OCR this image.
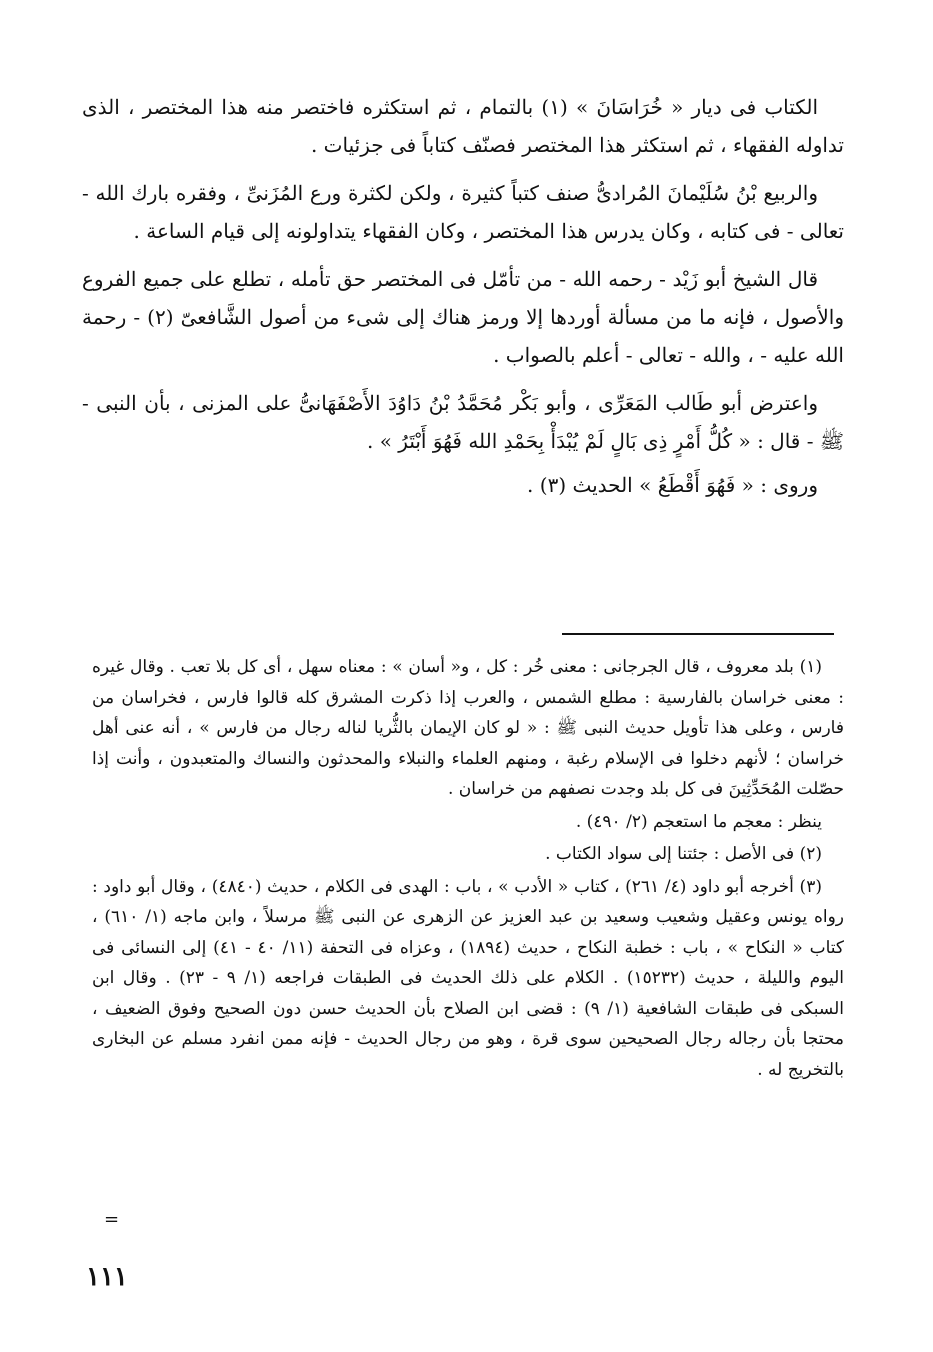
الكتاب فى ديار « خُرَاسَانَ » (١) بالتمام ، ثم استكثره فاختصر منه هذا المختصر ، الذى تداوله الفقهاء ، ثم استكثر هذا المختصر فصنّف كتاباً فى جزئيات .

والربيع بْنُ سُلَيْمانَ المُرادىُّ صنف كتباً كثيرة ، ولكن لكثرة ورع المُزَنىِّ ، وفقره بارك الله - تعالى - فى كتابه ، وكان يدرس هذا المختصر ، وكان الفقهاء يتداولونه إلى قيام الساعة .

قال الشيخ أبو زَيْد - رحمه الله - من تأمّل فى المختصر حق تأمله ، تطلع على جميع الفروع والأصول ، فإنه ما من مسألة أوردها إلا ورمز هناك إلى شىء من أصول الشَّافعىّ (٢) - رحمة الله عليه - ، والله - تعالى - أعلم بالصواب .

واعترض أبو طَالب المَعَرِّى ، وأبو بَكْر مُحَمَّدُ بْنُ دَاوُدَ الأَصْفَهَانىُّ على المزنى ، بأن النبى - ﷺ - قال : « كُلُّ أَمْرٍ ذِى بَالٍ لَمْ يُبْدَأْ بِحَمْدِ الله فَهُوَ أَبْتَرُ » .

وروى : « فَهُوَ أَقْطَعُ » الحديث (٣) .

(١) بلد معروف ، قال الجرجانى : معنى خُر : كل ، و« أسان » : معناه سهل ، أى كل بلا تعب . وقال غيره : معنى خراسان بالفارسية : مطلع الشمس ، والعرب إذا ذكرت المشرق كله قالوا فارس ، فخراسان من فارس ، وعلى هذا تأويل حديث النبى ﷺ : « لو كان الإيمان بالثُّريا لناله رجال من فارس » ، أنه عنى أهل خراسان ؛ لأنهم دخلوا فى الإسلام رغبة ، ومنهم العلماء والنبلاء والمحدثون والنساك والمتعبدون ، وأنت إذا حصّلت المُحَدِّثِينَ فى كل بلد وجدت نصفهم من خراسان .

ينظر : معجم ما استعجم (٢/ ٤٩٠) .

(٢) فى الأصل : جئتنا إلى سواد الكتاب .

(٣) أخرجه أبو داود (٤/ ٢٦١) ، كتاب « الأدب » ، باب : الهدى فى الكلام ، حديث (٤٨٤٠) ، وقال أبو داود : رواه يونس وعقيل وشعيب وسعيد بن عبد العزيز عن الزهرى عن النبى ﷺ مرسلاً ، وابن ماجه (١/ ٦١٠) ، كتاب « النكاح » ، باب : خطبة النكاح ، حديث (١٨٩٤) ، وعزاه فى التحفة (١١/ ٤٠ - ٤١) إلى النسائى فى اليوم والليلة ، حديث (١٥٢٣٢) . الكلام على ذلك الحديث فى الطبقات فراجعه (١/ ٩ - ٢٣) . وقال ابن السبكى فى طبقات الشافعية (١/ ٩) : قضى ابن الصلاح بأن الحديث حسن دون الصحيح وفوق الضعيف ، محتجا بأن رجاله رجال الصحيحين سوى قرة ، وهو من رجال الحديث - فإنه ممن انفرد مسلم عن البخارى بالتخريج له .

=
١١١
